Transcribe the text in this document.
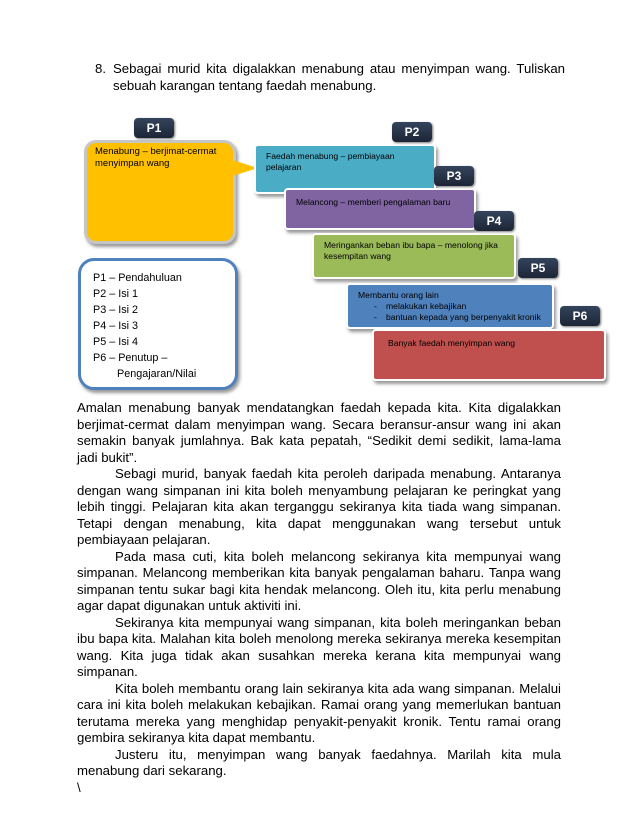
8. Sebagai murid kita digalakkan menabung atau menyimpan wang. Tuliskan sebuah karangan tentang faedah menabung.
Menabung – berjimat-cermat menyimpan wang
Faedah menabung – pembiayaan pelajaran
Melancong – memberi pengalaman baru
Meringankan beban ibu bapa – menolong jika kesempitan wang
Membantu orang lain
- melakukan kebajikan
- bantuan kepada yang berpenyakit kronik
Banyak faedah menyimpan wang
P1	P2
P3
P4
P5
P6
P1 – Pendahuluan
P2 – Isi 1
P3 – Isi 2
P4 – Isi 3
P5 – Isi 4
P6 – Penutup –
Pengajaran/Nilai

Amalan menabung banyak mendatangkan faedah kepada kita. Kita digalakkan berjimat-cermat dalam menyimpan wang. Secara beransur-ansur wang ini akan semakin banyak jumlahnya. Bak kata pepatah, “Sedikit demi sedikit, lama-lama jadi bukit”.

Sebagi murid, banyak faedah kita peroleh daripada menabung. Antaranya dengan wang simpanan ini kita boleh menyambung pelajaran ke peringkat yang lebih tinggi. Pelajaran kita akan terganggu sekiranya kita tiada wang simpanan. Tetapi dengan menabung, kita dapat menggunakan wang tersebut untuk pembiayaan pelajaran.

Pada masa cuti, kita boleh melancong sekiranya kita mempunyai wang simpanan. Melancong memberikan kita banyak pengalaman baharu. Tanpa wang simpanan tentu sukar bagi kita hendak melancong. Oleh itu, kita perlu menabung agar dapat digunakan untuk aktiviti ini.

Sekiranya kita mempunyai wang simpanan, kita boleh meringankan beban ibu bapa kita. Malahan kita boleh menolong mereka sekiranya mereka kesempitan wang. Kita juga tidak akan susahkan mereka kerana kita mempunyai wang simpanan.

Kita boleh membantu orang lain sekiranya kita ada wang simpanan. Melalui cara ini kita boleh melakukan kebajikan. Ramai orang yang memerlukan bantuan terutama mereka yang menghidap penyakit-penyakit kronik. Tentu ramai orang gembira sekiranya kita dapat membantu.

Justeru itu, menyimpan wang banyak faedahnya. Marilah kita mula menabung dari sekarang.

\
